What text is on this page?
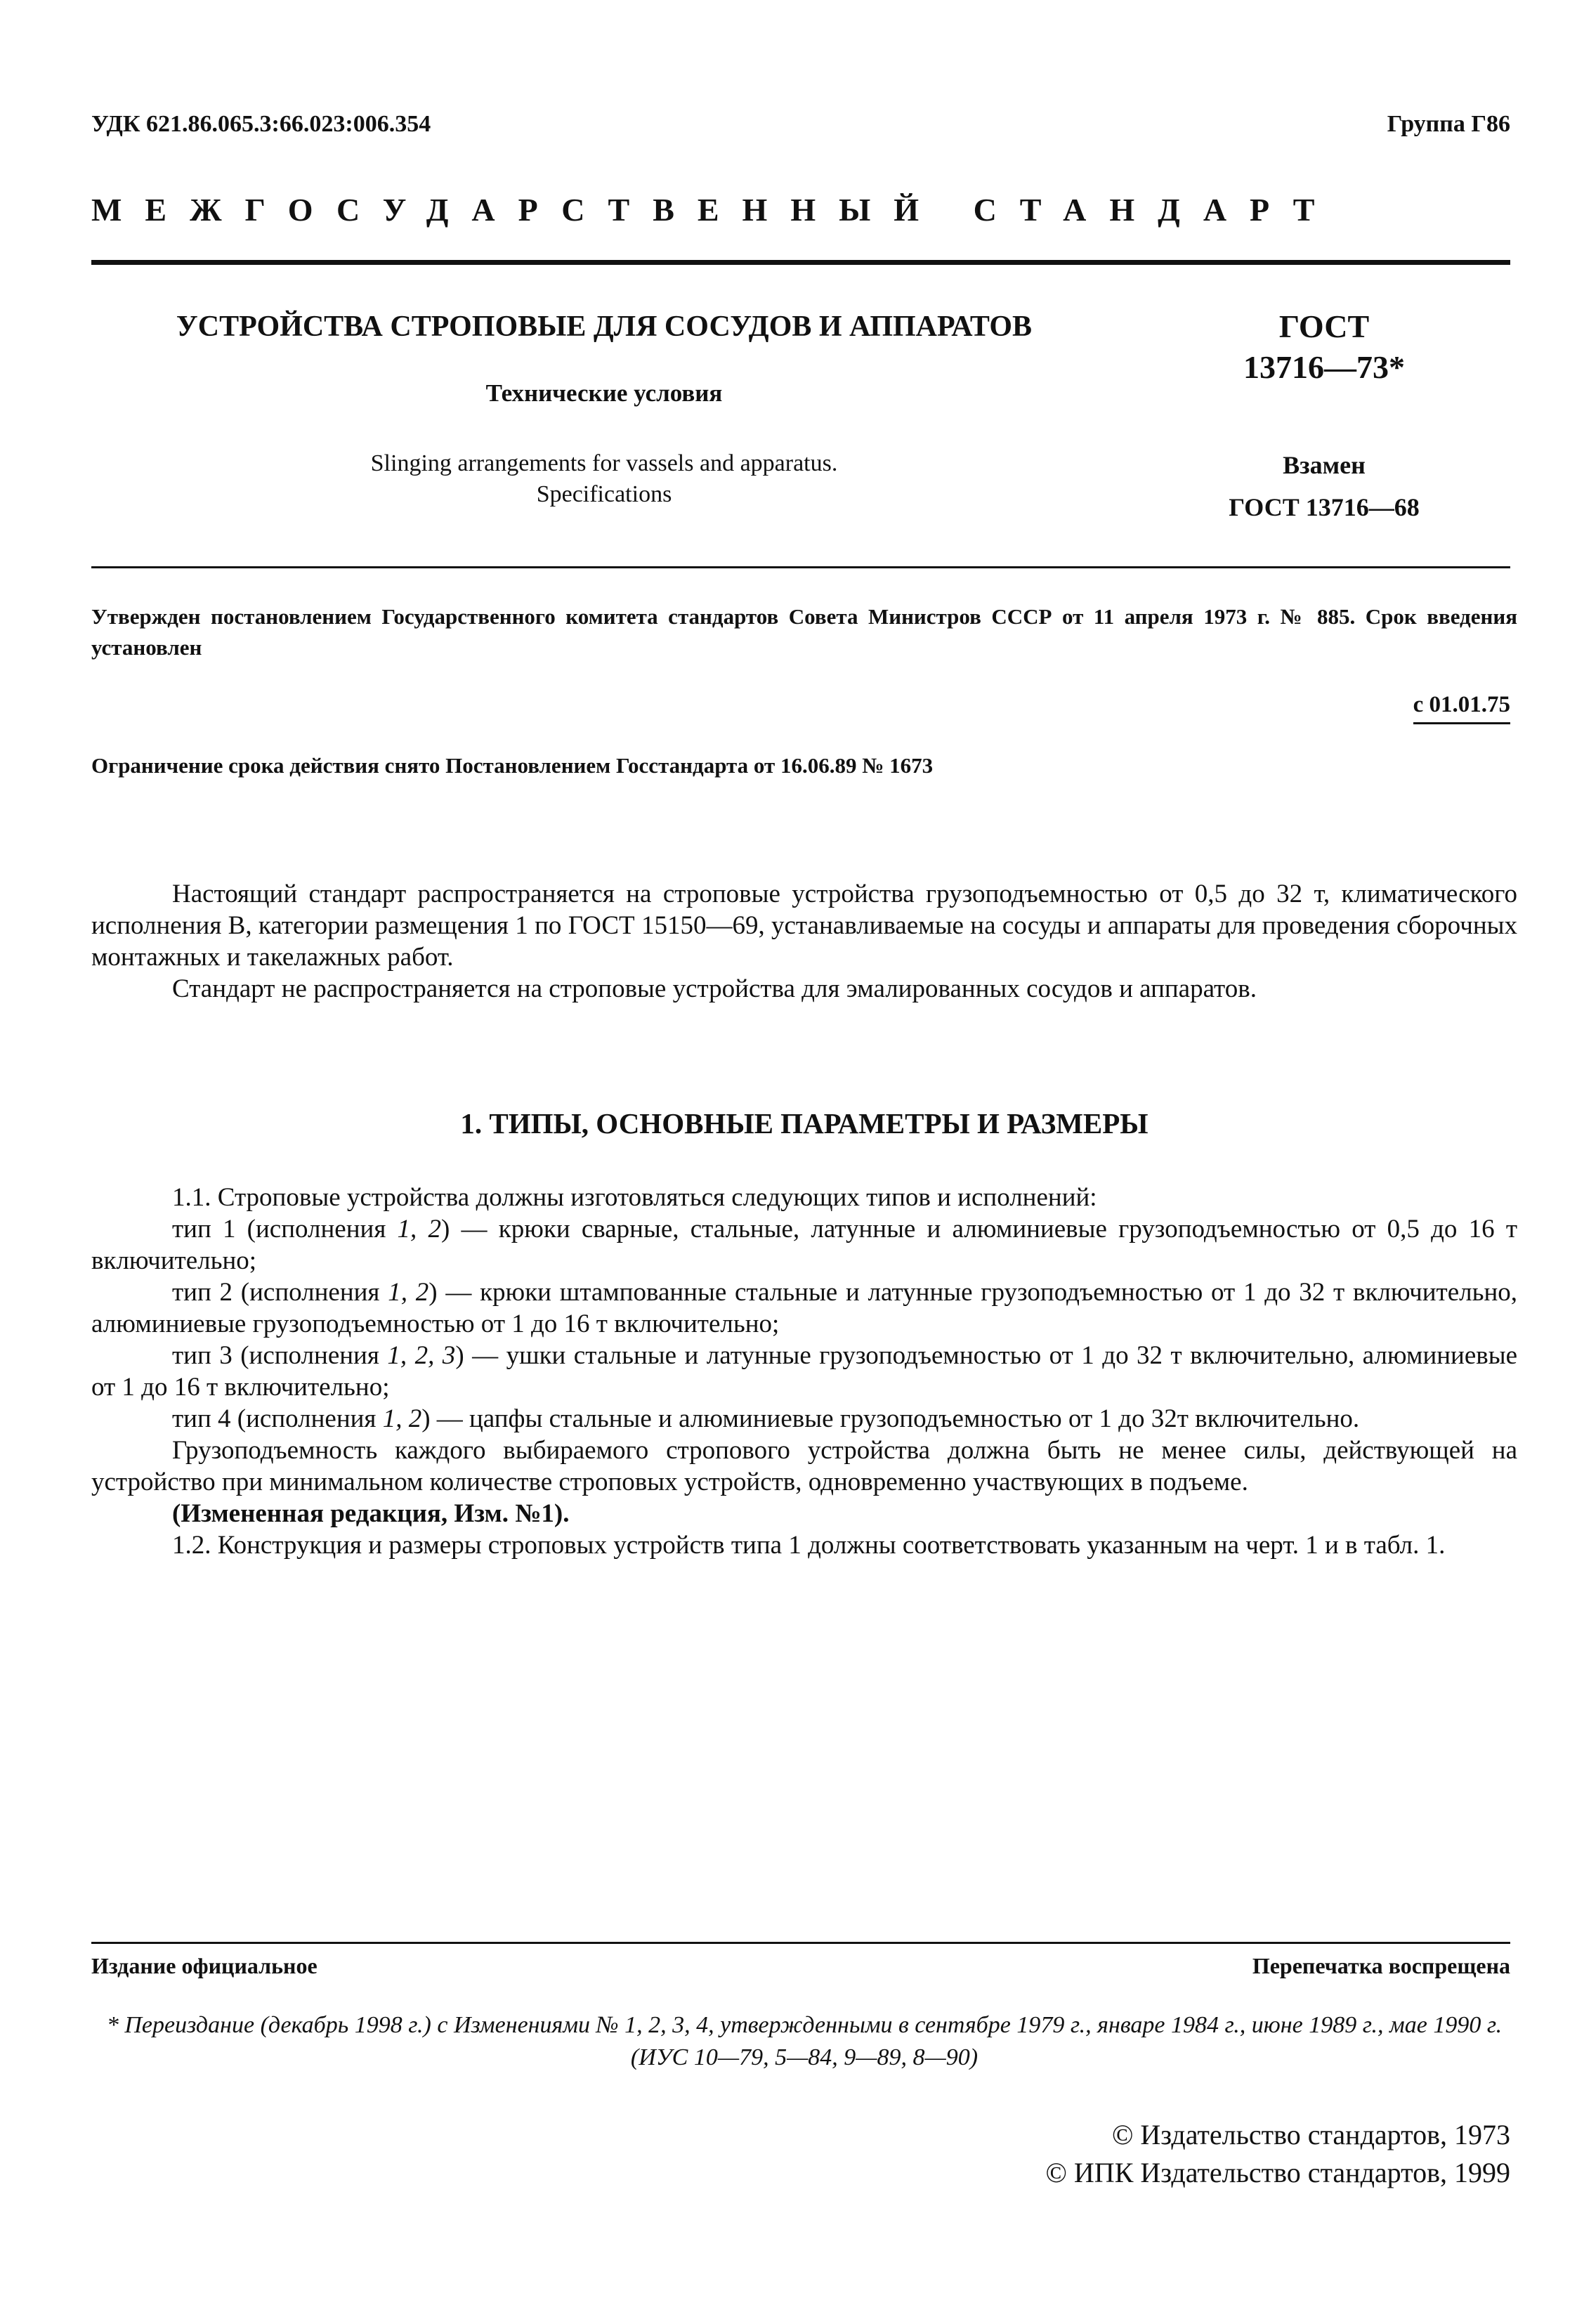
УДК 621.86.065.3:66.023:006.354	Группа Г86
МЕЖГОСУДАРСТВЕННЫЙ СТАНДАРТ
УСТРОЙСТВА СТРОПОВЫЕ ДЛЯ СОСУДОВ И АППАРАТОВ
Технические условия
Slinging arrangements for vassels and apparatus.
Specifications
ГОСТ
13716—73*
Взамен
ГОСТ 13716—68
Утвержден постановлением Государственного комитета стандартов Совета Министров СССР от 11 апреля 1973 г. № 885. Срок введения установлен
с 01.01.75
Ограничение срока действия снято Постановлением Госстандарта от 16.06.89 № 1673

Настоящий стандарт распространяется на строповые устройства грузоподъемностью от 0,5 до 32 т, климатического исполнения В, категории размещения 1 по ГОСТ 15150—69, устанавливаемые на сосуды и аппараты для проведения сборочных монтажных и такелажных работ.

Стандарт не распространяется на строповые устройства для эмалированных сосудов и аппаратов.

1. ТИПЫ, ОСНОВНЫЕ ПАРАМЕТРЫ И РАЗМЕРЫ

1.1. Строповые устройства должны изготовляться следующих типов и исполнений:

тип 1 (исполнения 1, 2) — крюки сварные, стальные, латунные и алюминиевые грузоподъемностью от 0,5 до 16 т включительно;

тип 2 (исполнения 1, 2) — крюки штампованные стальные и латунные грузоподъемностью от 1 до 32 т включительно, алюминиевые грузоподъемностью от 1 до 16 т включительно;

тип 3 (исполнения 1, 2, 3) — ушки стальные и латунные грузоподъемностью от 1 до 32 т включительно, алюминиевые от 1 до 16 т включительно;

тип 4 (исполнения 1, 2) — цапфы стальные и алюминиевые грузоподъемностью от 1 до 32т включительно.

Грузоподъемность каждого выбираемого стропового устройства должна быть не менее силы, действующей на устройство при минимальном количестве строповых устройств, одновременно участвующих в подъеме.

(Измененная редакция, Изм. №1).

1.2. Конструкция и размеры строповых устройств типа 1 должны соответствовать указанным на черт. 1 и в табл. 1.

Издание официальное	Перепечатка воспрещена
* Переиздание (декабрь 1998 г.) с Изменениями № 1, 2, 3, 4, утвержденными в сентябре 1979 г., январе 1984 г., июне 1989 г., мае 1990 г. (ИУС 10—79, 5—84, 9—89, 8—90)
© Издательство стандартов, 1973
© ИПК Издательство стандартов, 1999
